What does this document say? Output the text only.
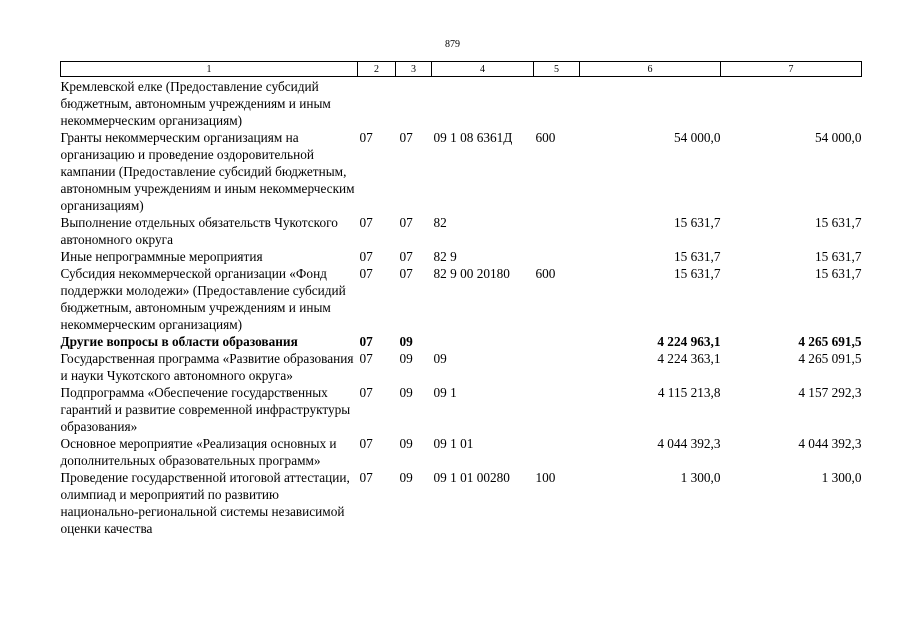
879
1	2	3	4	5	6	7
Кремлевской елке (Предоставление субсидий бюджетным, автономным учреждениям и иным некоммерческим организациям)						
Гранты некоммерческим организациям на организацию и проведение оздоровительной кампании (Предоставление субсидий бюджетным, автономным учреждениям и иным некоммерческим организациям)	07	07	09 1 08 6361Д	600	54 000,0	54 000,0
Выполнение отдельных обязательств Чукотского автономного округа	07	07	82		15 631,7	15 631,7
Иные непрограммные мероприятия	07	07	82 9		15 631,7	15 631,7
Субсидия некоммерческой организации «Фонд поддержки молодежи» (Предоставление субсидий бюджетным, автономным учреждениям и иным некоммерческим организациям)	07	07	82 9 00 20180	600	15 631,7	15 631,7
Другие вопросы в области образования	07	09			4 224 963,1	4 265 691,5
Государственная программа «Развитие образования и науки Чукотского автономного округа»	07	09	09		4 224 363,1	4 265 091,5
Подпрограмма «Обеспечение государственных гарантий и развитие современной инфраструктуры образования»	07	09	09 1		4 115 213,8	4 157 292,3
Основное мероприятие «Реализация основных и дополнительных образовательных программ»	07	09	09 1 01		4 044 392,3	4 044 392,3
Проведение государственной итоговой аттестации, олимпиад и мероприятий по развитию национально-региональной системы независимой оценки качества	07	09	09 1 01 00280	100	1 300,0	1 300,0
